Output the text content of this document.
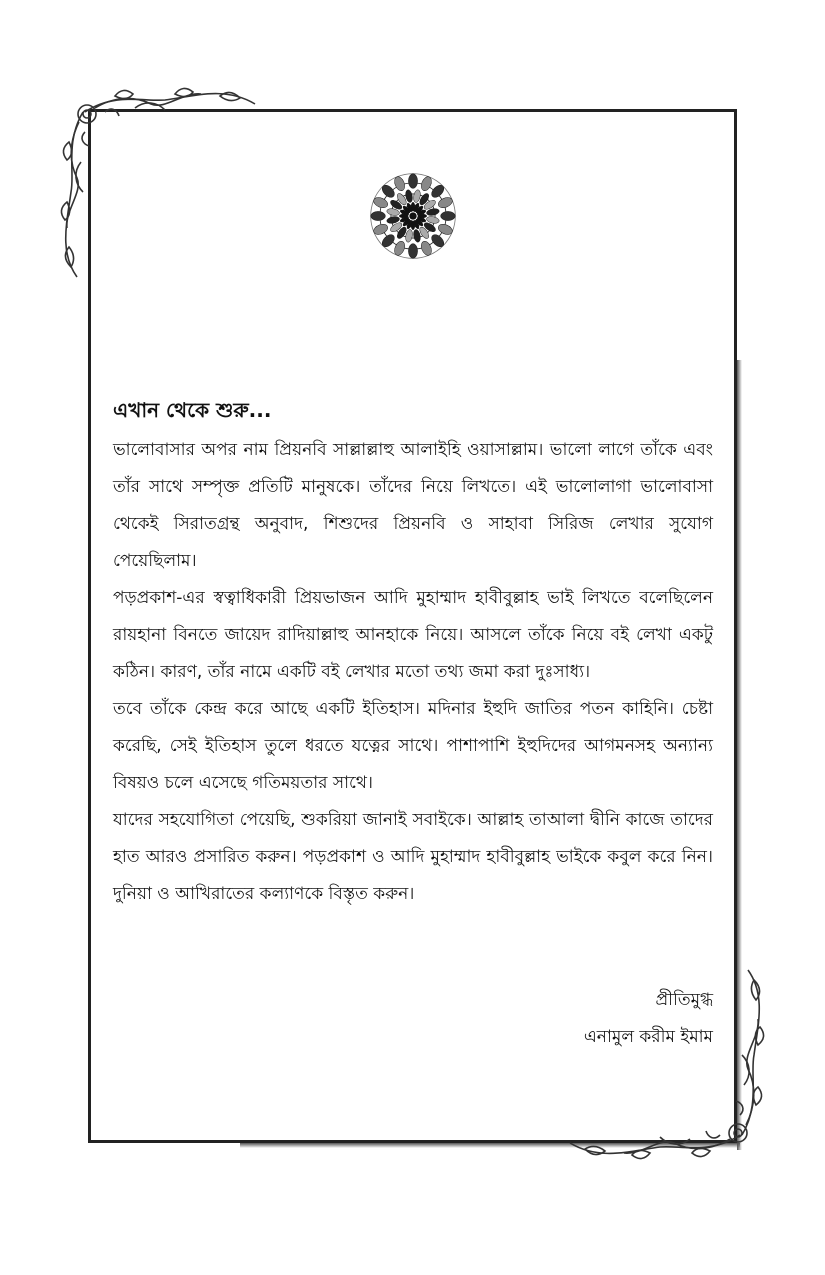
এখান থেকে শুরু...

ভালোবাসার অপর নাম প্রিয়নবি সাল্লাল্লাহু আলাইহি ওয়াসাল্লাম। ভালো লাগে তাঁকে এবং তাঁর সাথে সম্পৃক্ত প্রতিটি মানুষকে। তাঁদের নিয়ে লিখতে। এই ভালোলাগা ভালোবাসা থেকেই সিরাতগ্রন্থ অনুবাদ, শিশুদের প্রিয়নবি ও সাহাবা সিরিজ লেখার সুযোগ পেয়েছিলাম।

পড়প্রকাশ-এর স্বত্বাধিকারী প্রিয়ভাজন আদি মুহাম্মাদ হাবীবুল্লাহ ভাই লিখতে বলেছিলেন রায়হানা বিনতে জায়েদ রাদিয়াল্লাহু আনহাকে নিয়ে। আসলে তাঁকে নিয়ে বই লেখা একটু কঠিন। কারণ, তাঁর নামে একটি বই লেখার মতো তথ্য জমা করা দুঃসাধ্য।

তবে তাঁকে কেন্দ্র করে আছে একটি ইতিহাস। মদিনার ইহুদি জাতির পতন কাহিনি। চেষ্টা করেছি, সেই ইতিহাস তুলে ধরতে যত্নের সাথে। পাশাপাশি ইহুদিদের আগমনসহ অন্যান্য বিষয়ও চলে এসেছে গতিময়তার সাথে।

যাদের সহযোগিতা পেয়েছি, শুকরিয়া জানাই সবাইকে। আল্লাহ তাআলা দ্বীনি কাজে তাদের হাত আরও প্রসারিত করুন। পড়প্রকাশ ও আদি মুহাম্মাদ হাবীবুল্লাহ ভাইকে কবুল করে নিন। দুনিয়া ও আখিরাতের কল্যাণকে বিস্তৃত করুন।

প্রীতিমুগ্ধ
এনামুল করীম ইমাম
